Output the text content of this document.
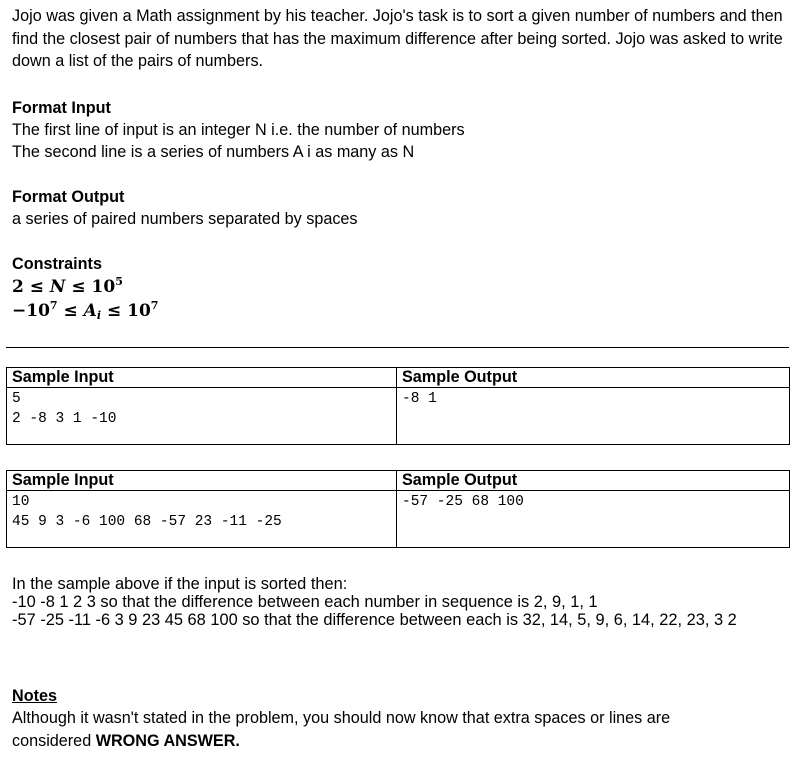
Jojo was given a Math assignment by his teacher. Jojo's task is to sort a given number of numbers and then find the closest pair of numbers that has the maximum difference after being sorted. Jojo was asked to write down a list of the pairs of numbers.
Format Input
The first line of input is an integer N i.e. the number of numbers
The second line is a series of numbers A i as many as N
Format Output
a series of paired numbers separated by spaces
Constraints
$2 \le N \le 10^5$
$-10^7 \le A_i \le 10^7$
Sample Input	Sample Output
5
2 -8 3 1 -10	-8 1
Sample Input	Sample Output
10
45 9 3 -6 100 68 -57 23 -11 -25	-57 -25 68 100
In the sample above if the input is sorted then:
-10 -8 1 2 3 so that the difference between each number in sequence is 2, 9, 1, 1
-57 -25 -11 -6 3 9 23 45 68 100 so that the difference between each is 32, 14, 5, 9, 6, 14, 22, 23, 3 2
Notes
Although it wasn't stated in the problem, you should now know that extra spaces or lines are considered WRONG ANSWER.
